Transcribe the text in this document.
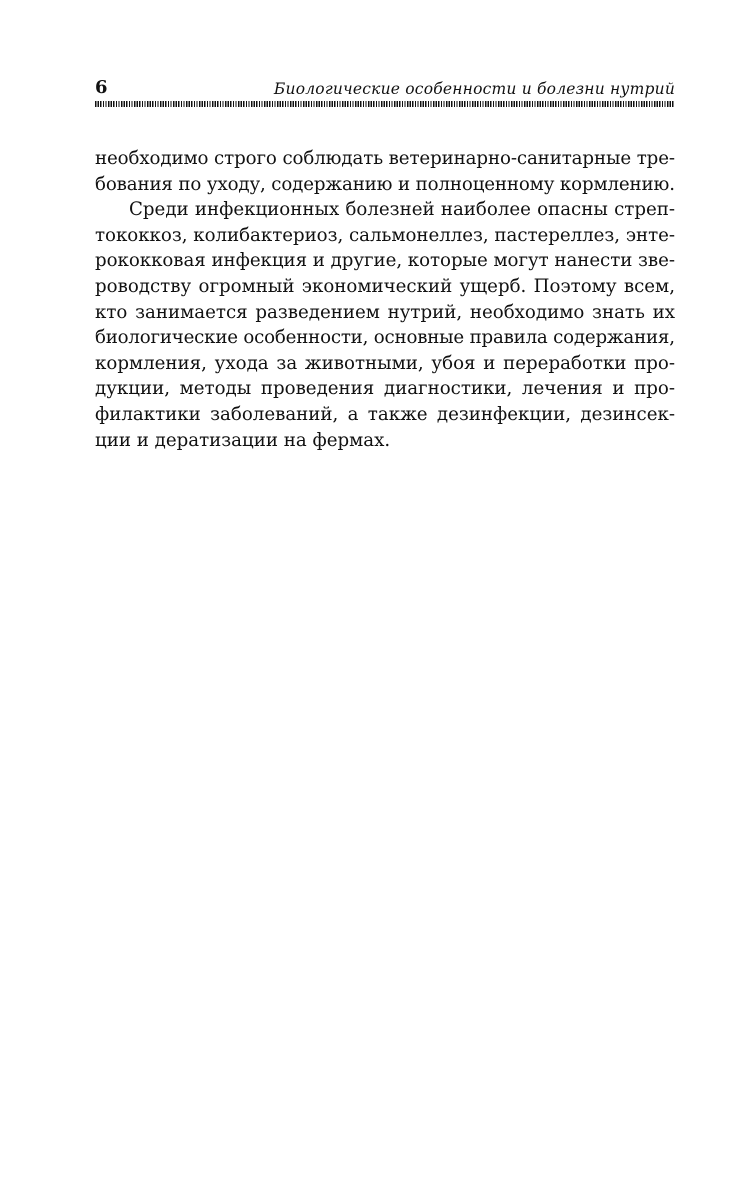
6	Биологические особенности и болезни нутрий
необходимо строго соблюдать ветеринарно-санитарные тре-
бования по уходу, содержанию и полноценному кормлению.
Среди инфекционных болезней наиболее опасны стреп-
тококкоз, колибактериоз, сальмонеллез, пастереллез, энте-
рококковая инфекция и другие, которые могут нанести зве-
роводству огромный экономический ущерб. Поэтому всем,
кто занимается разведением нутрий, необходимо знать их
биологические особенности, основные правила содержания,
кормления, ухода за животными, убоя и переработки про-
дукции, методы проведения диагностики, лечения и про-
филактики заболеваний, а также дезинфекции, дезинсек-
ции и дератизации на фермах.
